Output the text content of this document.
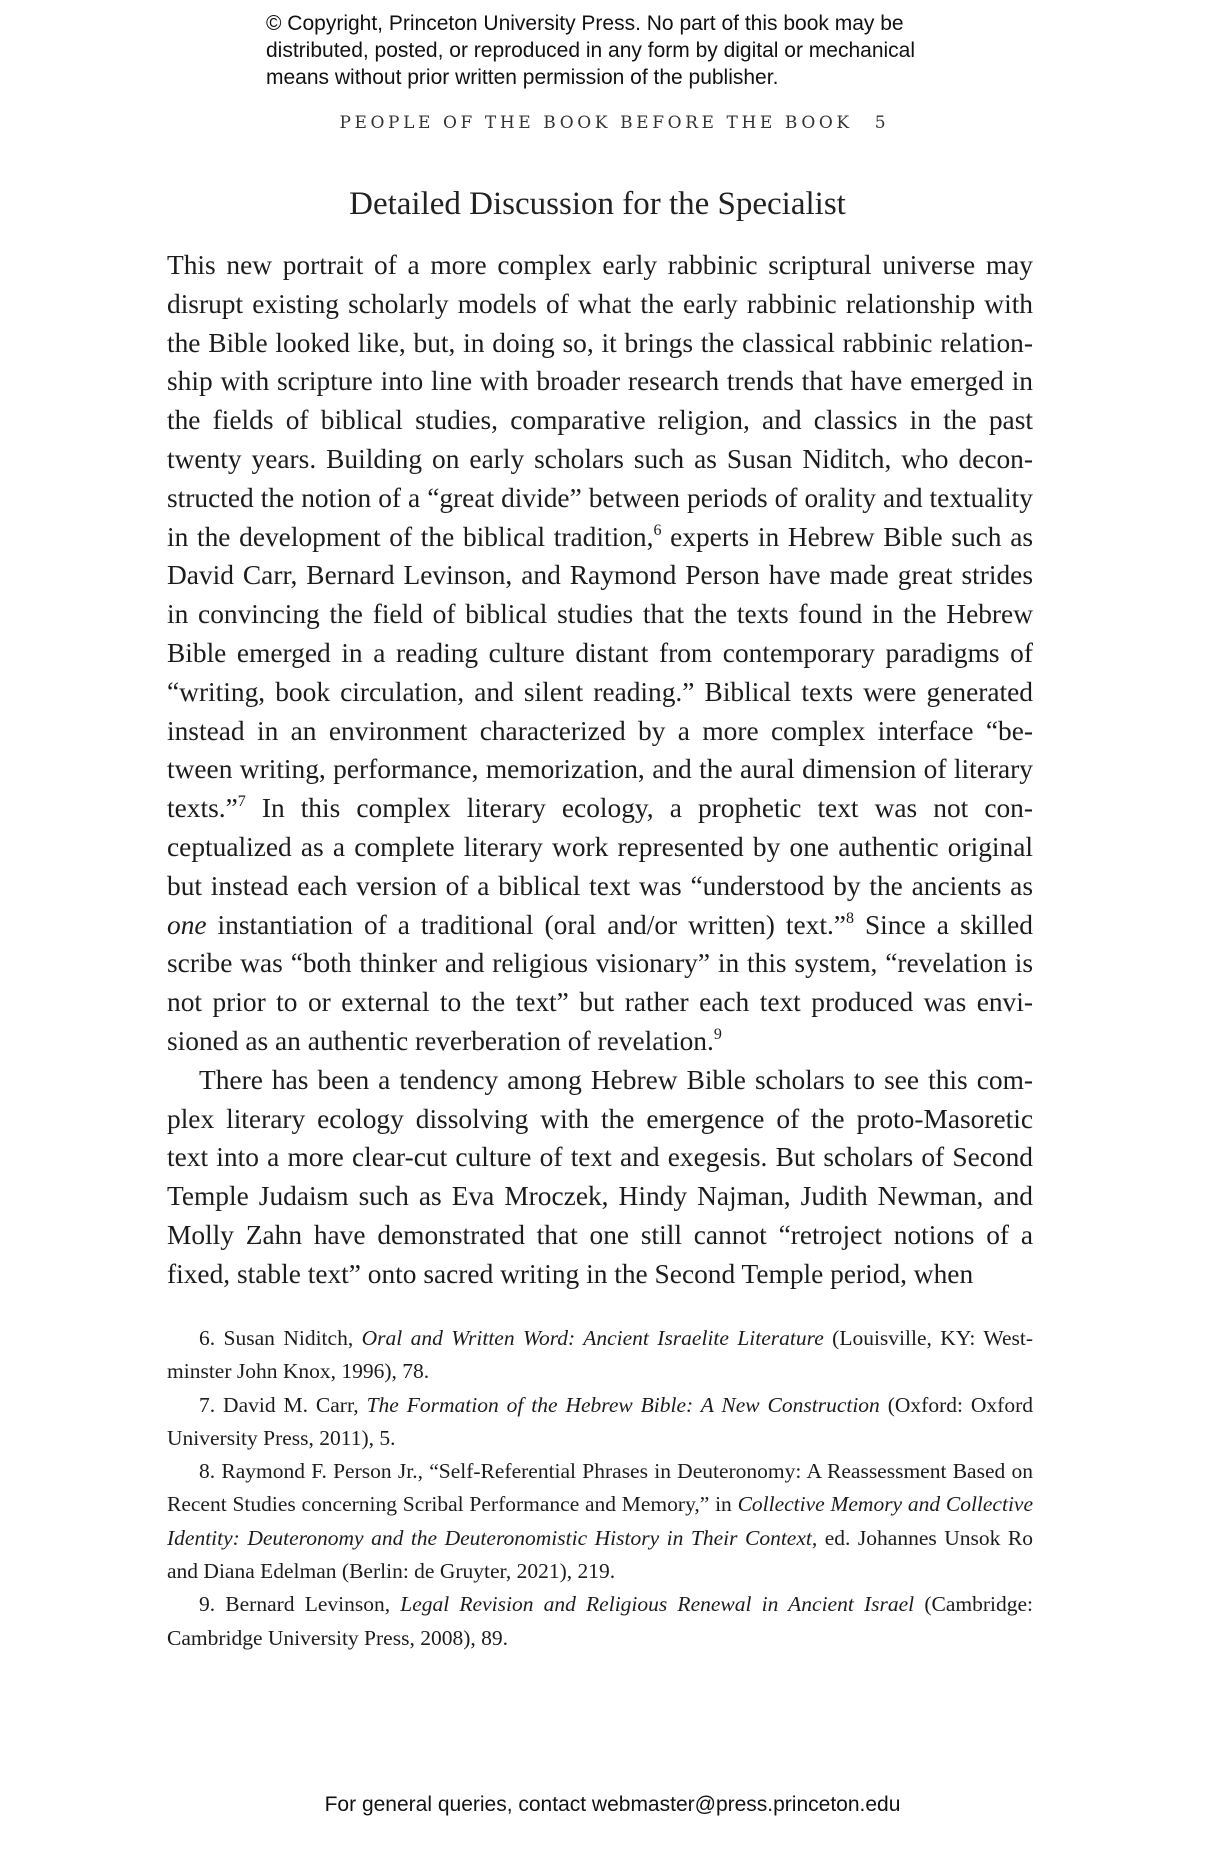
© Copyright, Princeton University Press. No part of this book may be
distributed, posted, or reproduced in any form by digital or mechanical
means without prior written permission of the publisher.
PEOPLE OF THE BOOK BEFORE THE BOOK 5
Detailed Discussion for the Specialist

This new portrait of a more complex early rabbinic scriptural universe may disrupt existing scholarly models of what the early rabbinic relationship with the Bible looked like, but, in doing so, it brings the classical rabbinic relationship with scripture into line with broader research trends that have emerged in the fields of biblical studies, comparative religion, and classics in the past twenty years. Building on early scholars such as Susan Niditch, who deconstructed the notion of a “great divide” between periods of orality and textuality in the development of the biblical tradition,$^6$ experts in Hebrew Bible such as David Carr, Bernard Levinson, and Raymond Person have made great strides in convincing the field of biblical studies that the texts found in the Hebrew Bible emerged in a reading culture distant from contemporary paradigms of “writing, book circulation, and silent reading.” Biblical texts were generated instead in an environment characterized by a more complex interface “between writing, performance, memorization, and the aural dimension of literary texts.”$^7$ In this complex literary ecology, a prophetic text was not conceptualized as a complete literary work represented by one authentic original but instead each version of a biblical text was “understood by the ancients as one instantiation of a traditional (oral and/or written) text.”$^8$ Since a skilled scribe was “both thinker and religious visionary” in this system, “revelation is not prior to or external to the text” but rather each text produced was envisioned as an authentic reverberation of revelation.$^9$

There has been a tendency among Hebrew Bible scholars to see this complex literary ecology dissolving with the emergence of the proto-Masoretic text into a more clear-cut culture of text and exegesis. But scholars of Second Temple Judaism such as Eva Mroczek, Hindy Najman, Judith Newman, and Molly Zahn have demonstrated that one still cannot “retroject notions of a fixed, stable text” onto sacred writing in the Second Temple period, when

6. Susan Niditch, Oral and Written Word: Ancient Israelite Literature (Louisville, KY: Westminster John Knox, 1996), 78.

7. David M. Carr, The Formation of the Hebrew Bible: A New Construction (Oxford: Oxford University Press, 2011), 5.

8. Raymond F. Person Jr., “Self-Referential Phrases in Deuteronomy: A Reassessment Based on Recent Studies concerning Scribal Performance and Memory,” in Collective Memory and Collective Identity: Deuteronomy and the Deuteronomistic History in Their Context, ed. Johannes Unsok Ro and Diana Edelman (Berlin: de Gruyter, 2021), 219.

9. Bernard Levinson, Legal Revision and Religious Renewal in Ancient Israel (Cambridge: Cambridge University Press, 2008), 89.

For general queries, contact webmaster@press.princeton.edu
